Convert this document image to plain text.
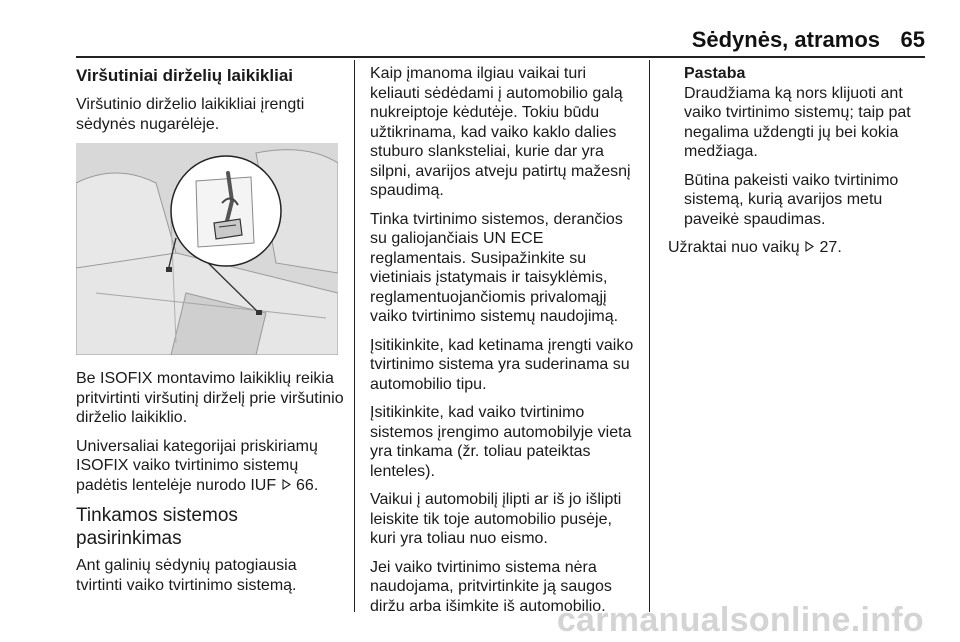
Sėdynės, atramos 65
Viršutiniai dirželių laikikliai

Viršutinio dirželio laikikliai įrengti sėdynės nugarėlėje.

Be ISOFIX montavimo laikiklių reikia pritvirtinti viršutinį dirželį prie viršutinio dirželio laikiklio.

Universaliai kategorijai priskiriamų ISOFIX vaiko tvirtinimo sistemų padėtis lentelėje nurodo IUF 66.

Tinkamos sistemos pasirinkimas

Ant galinių sėdynių patogiausia tvirtinti vaiko tvirtinimo sistemą.

Kaip įmanoma ilgiau vaikai turi keliauti sėdėdami į automobilio galą nukreiptoje kėdutėje. Tokiu būdu užtikrinama, kad vaiko kaklo dalies stuburo slanksteliai, kurie dar yra silpni, avarijos atveju patirtų mažesnį spaudimą.

Tinka tvirtinimo sistemos, derančios su galiojančiais UN ECE reglamentais. Susipažinkite su vietiniais įstatymais ir taisyklėmis, reglamentuojančiomis privalomąjį vaiko tvirtinimo sistemų naudojimą.

Įsitikinkite, kad ketinama įrengti vaiko tvirtinimo sistema yra suderinama su automobilio tipu.

Įsitikinkite, kad vaiko tvirtinimo sistemos įrengimo automobilyje vieta yra tinkama (žr. toliau pateiktas lenteles).

Vaikui į automobilį įlipti ar iš jo išlipti leiskite tik toje automobilio pusėje, kuri yra toliau nuo eismo.

Jei vaiko tvirtinimo sistema nėra naudojama, pritvirtinkite ją saugos diržu arba išimkite iš automobilio.

Pastaba

Draudžiama ką nors klijuoti ant vaiko tvirtinimo sistemų; taip pat negalima uždengti jų bei kokia medžiaga.

Būtina pakeisti vaiko tvirtinimo sistemą, kurią avarijos metu paveikė spaudimas.

Užraktai nuo vaikų 27.

carmanualsonline.info
